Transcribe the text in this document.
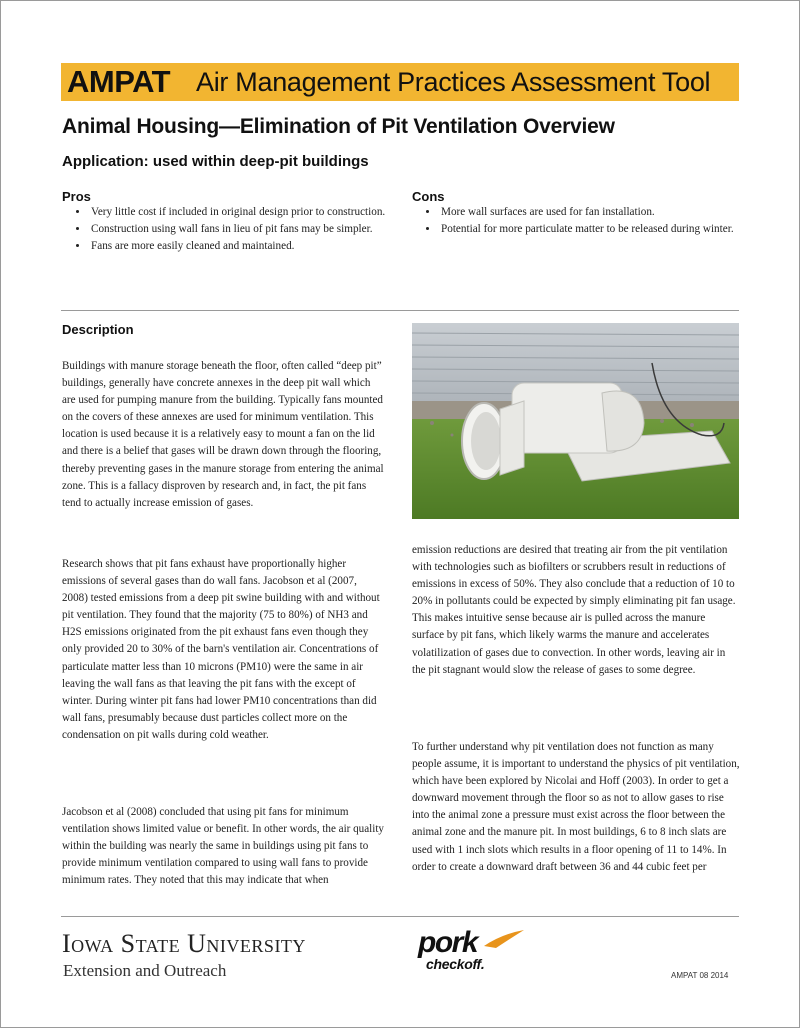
AMPAT Air Management Practices Assessment Tool
Animal Housing—Elimination of Pit Ventilation Overview
Application: used within deep-pit buildings
Pros
• Very little cost if included in original design prior to construction.
• Construction using wall fans in lieu of pit fans may be simpler.
• Fans are more easily cleaned and maintained.
Cons
• More wall surfaces are used for fan installation.
• Potential for more particulate matter to be released during winter.
Description

Buildings with manure storage beneath the floor, often called “deep pit” buildings, generally have concrete annexes in the deep pit wall which are used for pumping manure from the building. Typically fans mounted on the covers of these annexes are used for minimum ventilation. This location is used because it is a relatively easy to mount a fan on the lid and there is a belief that gases will be drawn down through the flooring, thereby preventing gases in the manure storage from entering the animal zone. This is a fallacy disproven by research and, in fact, the pit fans tend to actually increase emission of gases.

Research shows that pit fans exhaust have proportionally higher emissions of several gases than do wall fans. Jacobson et al (2007, 2008) tested emissions from a deep pit swine building with and without pit ventilation. They found that the majority (75 to 80%) of NH3 and H2S emissions originated from the pit exhaust fans even though they only provided 20 to 30% of the barn's ventilation air. Concentrations of particulate matter less than 10 microns (PM10) were the same in air leaving the wall fans as that leaving the pit fans with the except of winter. During winter pit fans had lower PM10 concentrations than did wall fans, presumably because dust particles collect more on the condensation on pit walls during cold weather.

Jacobson et al (2008) concluded that using pit fans for minimum ventilation shows limited value or benefit. In other words, the air quality within the building was nearly the same in buildings using pit fans to provide minimum ventilation compared to using wall fans to provide minimum rates. They noted that this may indicate that when

emission reductions are desired that treating air from the pit ventilation with technologies such as biofilters or scrubbers result in reductions of emissions in excess of 50%. They also conclude that a reduction of 10 to 20% in pollutants could be expected by simply eliminating pit fan usage. This makes intuitive sense because air is pulled across the manure surface by pit fans, which likely warms the manure and accelerates volatilization of gases due to convection. In other words, leaving air in the pit stagnant would slow the release of gases to some degree.

To further understand why pit ventilation does not function as many people assume, it is important to understand the physics of pit ventilation, which have been explored by Nicolai and Hoff (2003). In order to get a downward movement through the floor so as not to allow gases to rise into the animal zone a pressure must exist across the floor between the animal zone and the manure pit. In most buildings, 6 to 8 inch slats are used with 1 inch slots which results in a floor opening of 11 to 14%. In order to create a downward draft between 36 and 44 cubic feet per

Iowa State University
Extension and Outreach
pork
checkoff.
AMPAT 08 2014
